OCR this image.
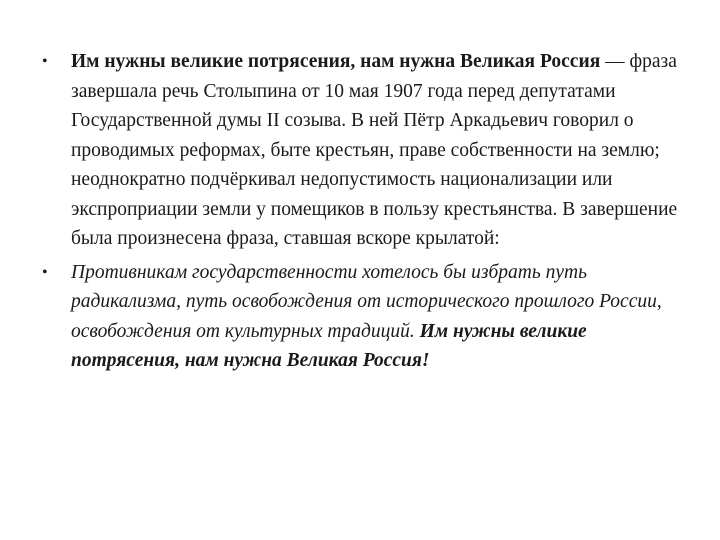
• Им нужны великие потрясения, нам нужна Великая Россия — фраза завершала речь Столыпина от 10 мая 1907 года перед депутатами Государственной думы II созыва. В ней Пётр Аркадьевич говорил о проводимых реформах, быте крестьян, праве собственности на землю; неоднократно подчёркивал недопустимость национализации или экспроприации земли у помещиков в пользу крестьянства. В завершение была произнесена фраза, ставшая вскоре крылатой:
• Противникам государственности хотелось бы избрать путь радикализма, путь освобождения от исторического прошлого России, освобождения от культурных традиций. Им нужны великие потрясения, нам нужна Великая Россия!
